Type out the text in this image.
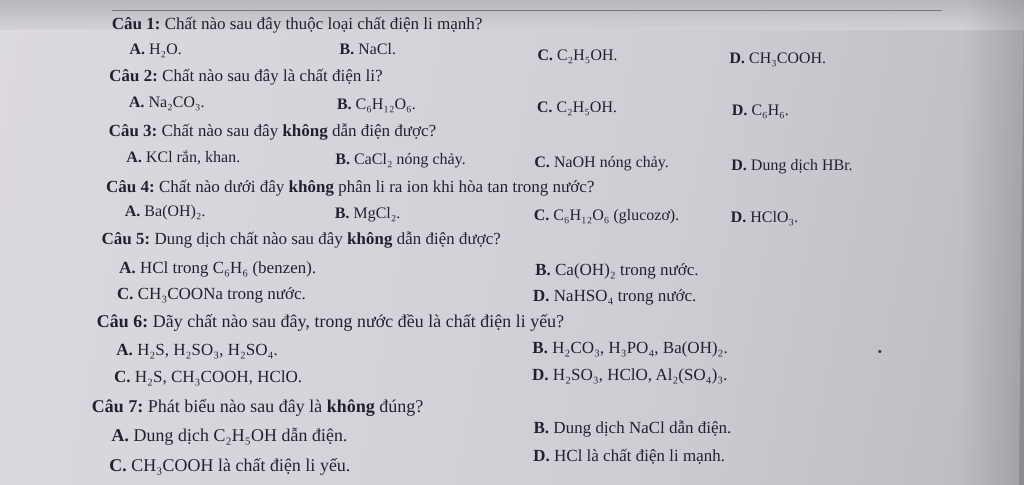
Câu 1: Chất nào sau đây thuộc loại chất điện li mạnh?
A. H₂O.	B. NaCl.	C. C₂H₅OH.	D. CH₃COOH.
Câu 2: Chất nào sau đây là chất điện li?
A. Na₂CO₃.	B. C₆H₁₂O₆.	C. C₂H₅OH.	D. C₆H₆.
Câu 3: Chất nào sau đây không dẫn điện được?
A. KCl rắn, khan.	B. CaCl₂ nóng chảy.	C. NaOH nóng chảy.	D. Dung dịch HBr.
Câu 4: Chất nào dưới đây không phân li ra ion khi hòa tan trong nước?
A. Ba(OH)₂.	B. MgCl₂.	C. C₆H₁₂O₆ (glucozơ).	D. HClO₃.
Câu 5: Dung dịch chất nào sau đây không dẫn điện được?
A. HCl trong C₆H₆ (benzen).	B. Ca(OH)₂ trong nước.
C. CH₃COONa trong nước.	D. NaHSO₄ trong nước.
Câu 6: Dãy chất nào sau đây, trong nước đều là chất điện li yếu?
A. H₂S, H₂SO₃, H₂SO₄.	B. H₂CO₃, H₃PO₄, Ba(OH)₂.
C. H₂S, CH₃COOH, HClO.	D. H₂SO₃, HClO, Al₂(SO₄)₃.
Câu 7: Phát biểu nào sau đây là không đúng?
A. Dung dịch C₂H₅OH dẫn điện.	B. Dung dịch NaCl dẫn điện.
C. CH₃COOH là chất điện li yếu.	D. HCl là chất điện li mạnh.
